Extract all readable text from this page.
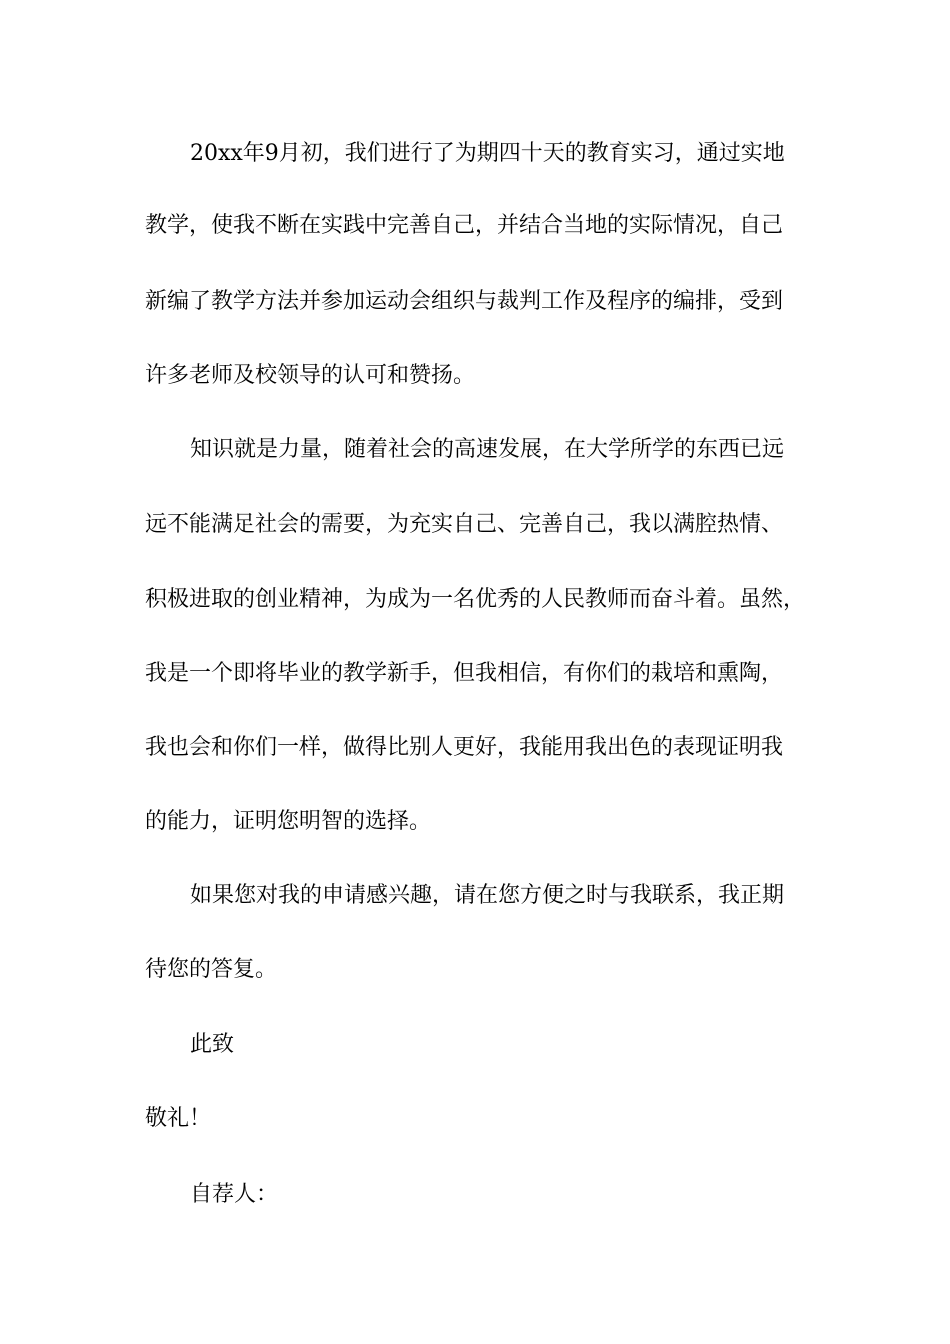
20xx年9月初，我们进行了为期四十天的教育实习，通过实地

教学，使我不断在实践中完善自己，并结合当地的实际情况，自己

新编了教学方法并参加运动会组织与裁判工作及程序的编排，受到

许多老师及校领导的认可和赞扬。

知识就是力量，随着社会的高速发展，在大学所学的东西已远

远不能满足社会的需要，为充实自己、完善自己，我以满腔热情、

积极进取的创业精神，为成为一名优秀的人民教师而奋斗着。虽然，

我是一个即将毕业的教学新手，但我相信，有你们的栽培和熏陶，

我也会和你们一样，做得比别人更好，我能用我出色的表现证明我

的能力，证明您明智的选择。

如果您对我的申请感兴趣，请在您方便之时与我联系，我正期

待您的答复。

此致

敬礼！

自荐人：
